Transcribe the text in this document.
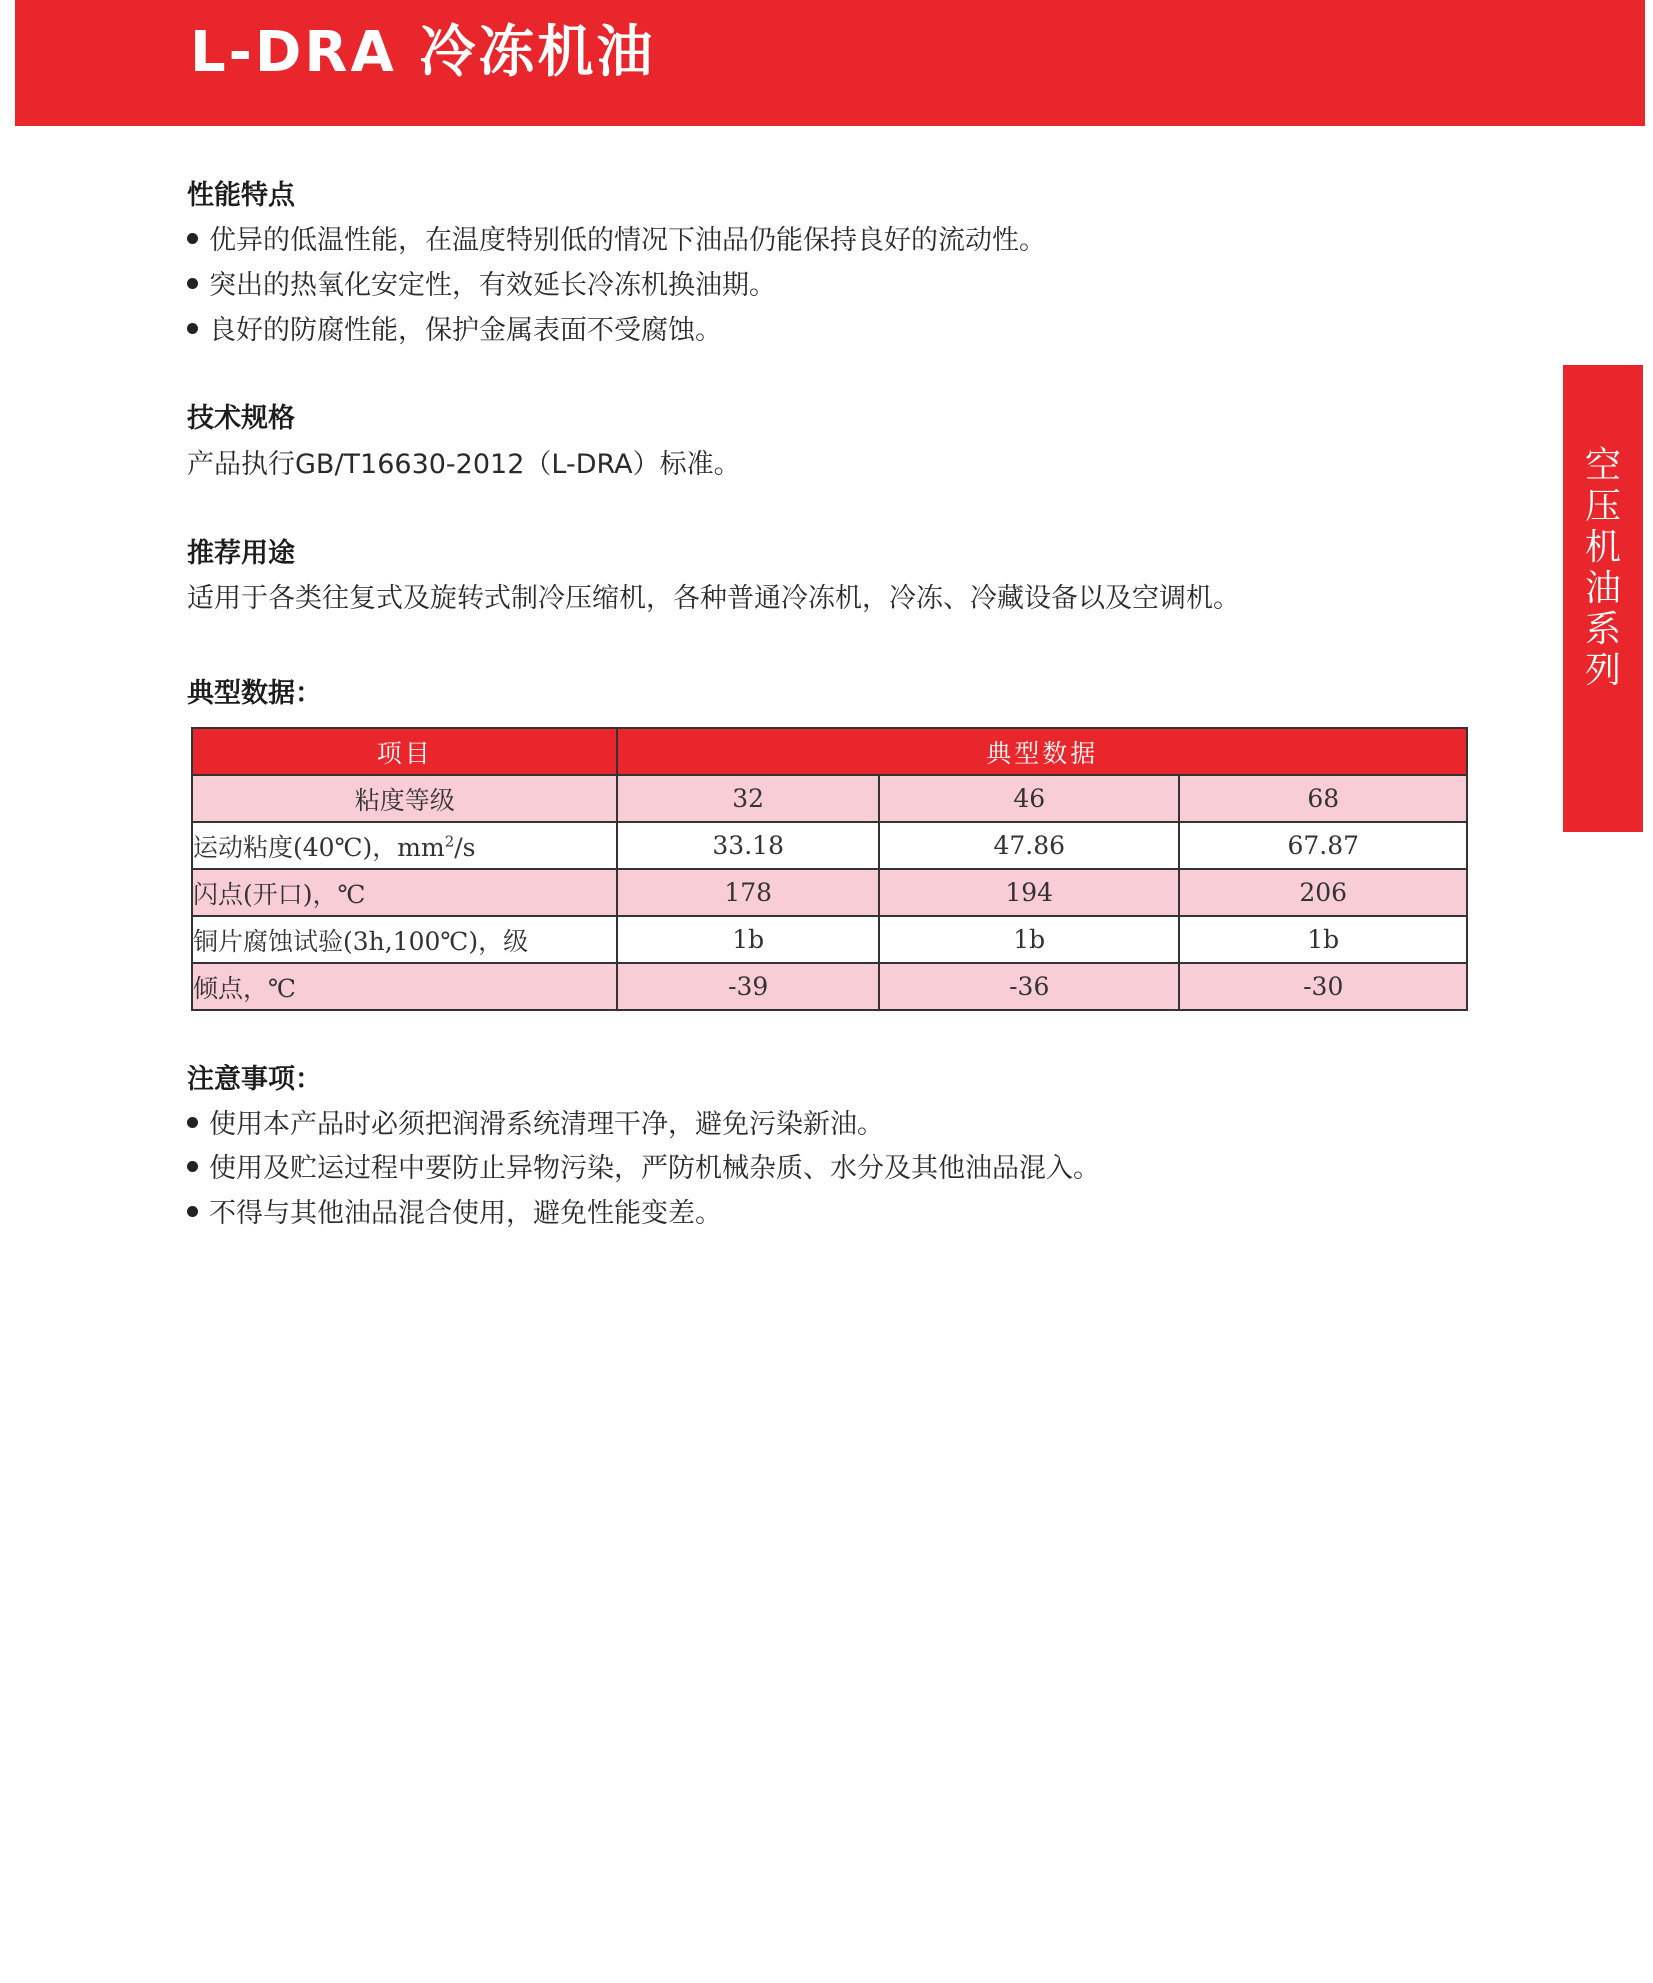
L-DRA 冷冻机油
空
压
机
油
系
列
性能特点
优异的低温性能，在温度特别低的情况下油品仍能保持良好的流动性。
突出的热氧化安定性，有效延长冷冻机换油期。
良好的防腐性能，保护金属表面不受腐蚀。
技术规格
产品执行GB/T16630-2012（L-DRA）标准。
推荐用途
适用于各类往复式及旋转式制冷压缩机，各种普通冷冻机，冷冻、冷藏设备以及空调机。
典型数据：
项目	典型数据		
粘度等级	32	46	68
运动粘度(40℃)，$mm^2/s$	33.18	47.86	67.87
闪点(开口)，℃	178	194	206
铜片腐蚀试验(3h,100℃)，级	1b	1b	1b
倾点，℃	-39	-36	-30
注意事项：
使用本产品时必须把润滑系统清理干净，避免污染新油。
使用及贮运过程中要防止异物污染，严防机械杂质、水分及其他油品混入。
不得与其他油品混合使用，避免性能变差。
